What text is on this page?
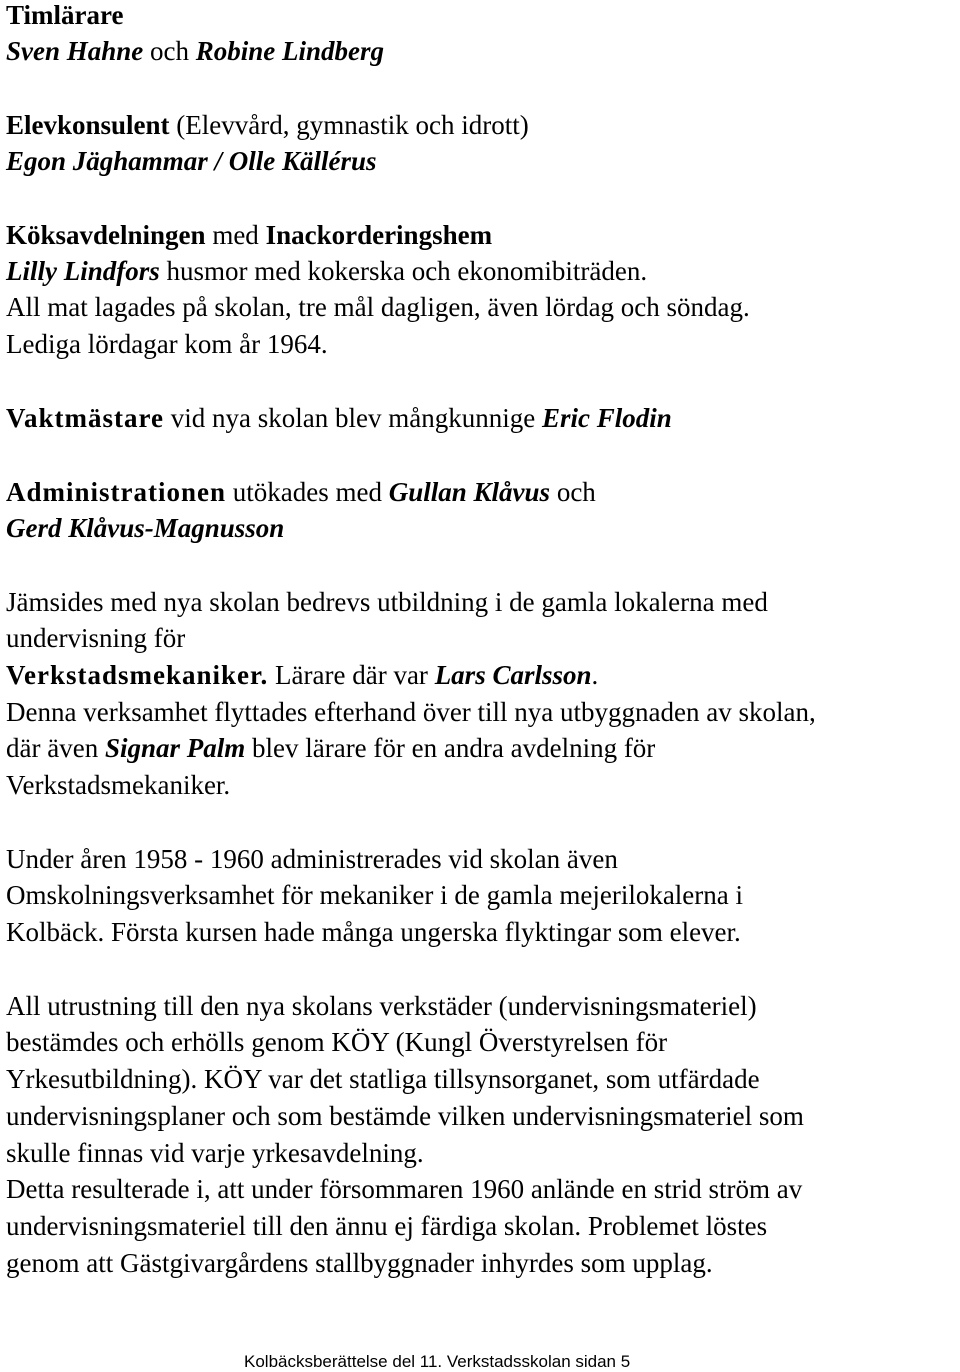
Timlärare
Sven Hahne och Robine Lindberg
Elevkonsulent (Elevvård, gymnastik och idrott)
Egon Jäghammar / Olle Källérus
Köksavdelningen med Inackorderingshem
Lilly Lindfors husmor med kokerska och ekonomibiträden.
All mat lagades på skolan, tre mål dagligen, även lördag och söndag.
Lediga lördagar kom år 1964.
Vaktmästare vid nya skolan blev mångkunnige Eric Flodin
Administrationen utökades med Gullan Klåvus och
Gerd Klåvus-Magnusson
Jämsides med nya skolan bedrevs utbildning i de gamla lokalerna med
undervisning för
Verkstadsmekaniker. Lärare där var Lars Carlsson.
Denna verksamhet flyttades efterhand över till nya utbyggnaden av skolan,
där även Signar Palm blev lärare för en andra avdelning för
Verkstadsmekaniker.
Under åren 1958 - 1960 administrerades vid skolan även
Omskolningsverksamhet för mekaniker i de gamla mejerilokalerna i
Kolbäck. Första kursen hade många ungerska flyktingar som elever.
All utrustning till den nya skolans verkstäder (undervisningsmateriel)
bestämdes och erhölls genom KÖY (Kungl Överstyrelsen för
Yrkesutbildning). KÖY var det statliga tillsynsorganet, som utfärdade
undervisningsplaner och som bestämde vilken undervisningsmateriel som
skulle finnas vid varje yrkesavdelning.
Detta resulterade i, att under försommaren 1960 anlände en strid ström av
undervisningsmateriel till den ännu ej färdiga skolan. Problemet löstes
genom att Gästgivargårdens stallbyggnader inhyrdes som upplag.
Kolbäcksberättelse del 11. Verkstadsskolan sidan 5
